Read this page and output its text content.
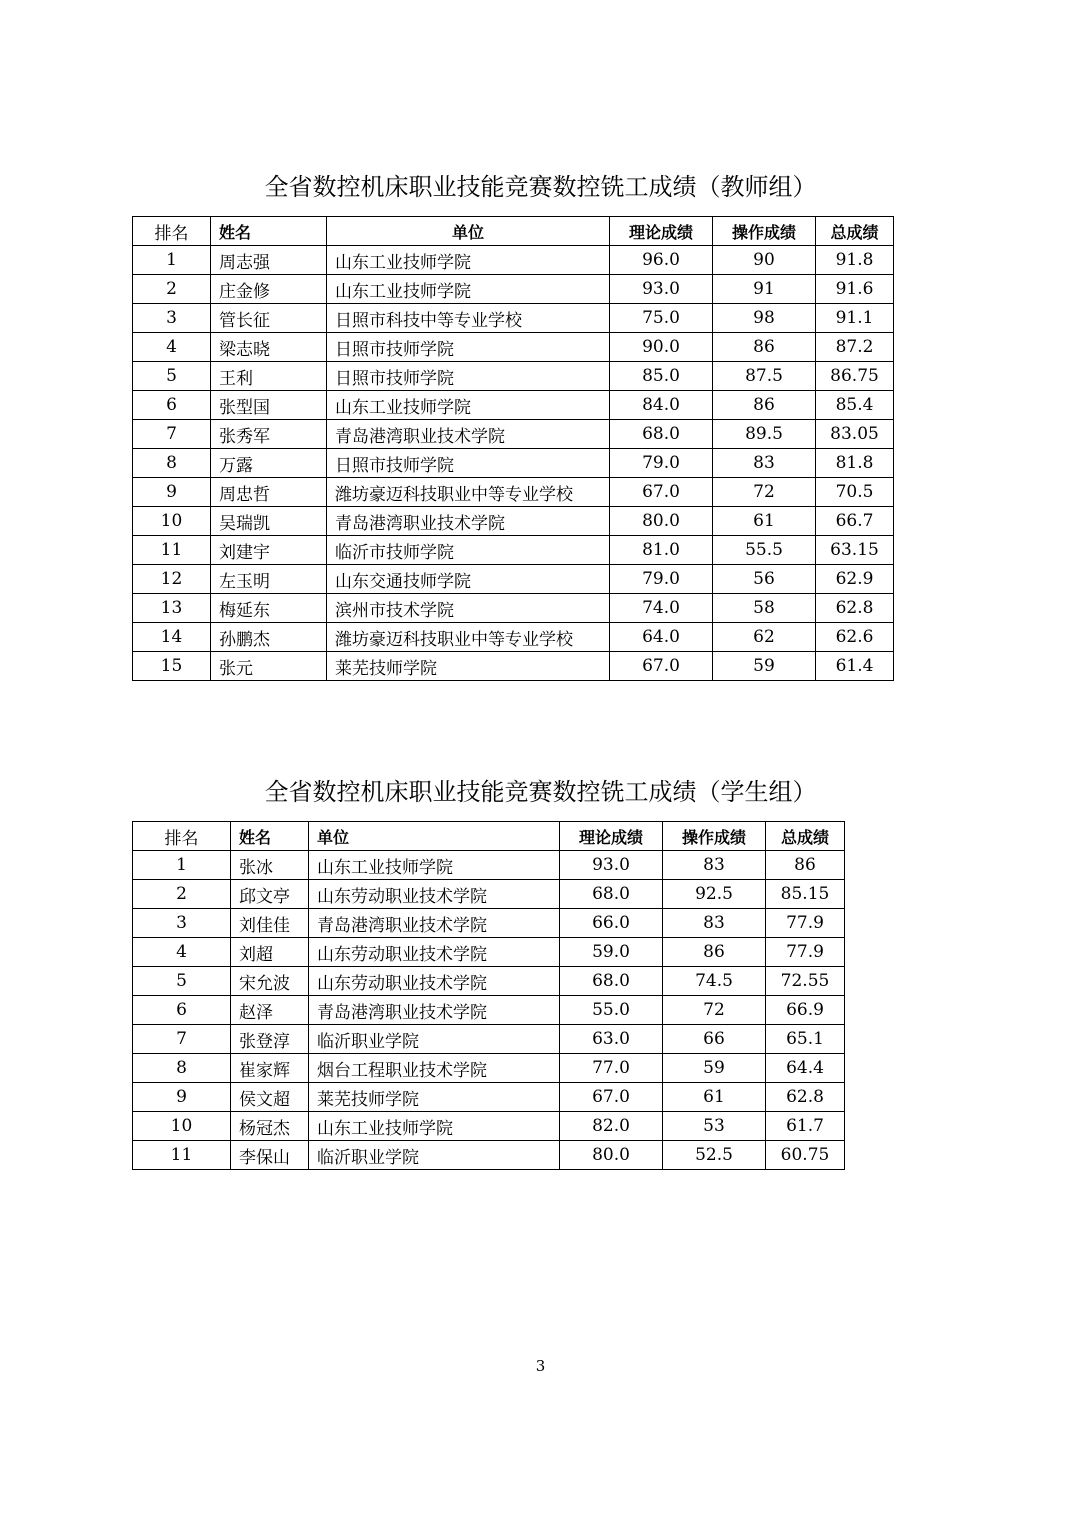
全省数控机床职业技能竞赛数控铣工成绩（教师组）
排名	姓名	单位	理论成绩	操作成绩	总成绩
1	周志强	山东工业技师学院	96.0	90	91.8
2	庄金修	山东工业技师学院	93.0	91	91.6
3	管长征	日照市科技中等专业学校	75.0	98	91.1
4	梁志晓	日照市技师学院	90.0	86	87.2
5	王利	日照市技师学院	85.0	87.5	86.75
6	张型国	山东工业技师学院	84.0	86	85.4
7	张秀军	青岛港湾职业技术学院	68.0	89.5	83.05
8	万露	日照市技师学院	79.0	83	81.8
9	周忠哲	潍坊豪迈科技职业中等专业学校	67.0	72	70.5
10	吴瑞凯	青岛港湾职业技术学院	80.0	61	66.7
11	刘建宇	临沂市技师学院	81.0	55.5	63.15
12	左玉明	山东交通技师学院	79.0	56	62.9
13	梅延东	滨州市技术学院	74.0	58	62.8
14	孙鹏杰	潍坊豪迈科技职业中等专业学校	64.0	62	62.6
15	张元	莱芜技师学院	67.0	59	61.4
全省数控机床职业技能竞赛数控铣工成绩（学生组）
排名	姓名	单位	理论成绩	操作成绩	总成绩
1	张冰	山东工业技师学院	93.0	83	86
2	邱文亭	山东劳动职业技术学院	68.0	92.5	85.15
3	刘佳佳	青岛港湾职业技术学院	66.0	83	77.9
4	刘超	山东劳动职业技术学院	59.0	86	77.9
5	宋允波	山东劳动职业技术学院	68.0	74.5	72.55
6	赵泽	青岛港湾职业技术学院	55.0	72	66.9
7	张登淳	临沂职业学院	63.0	66	65.1
8	崔家辉	烟台工程职业技术学院	77.0	59	64.4
9	侯文超	莱芜技师学院	67.0	61	62.8
10	杨冠杰	山东工业技师学院	82.0	53	61.7
11	李保山	临沂职业学院	80.0	52.5	60.75
3
